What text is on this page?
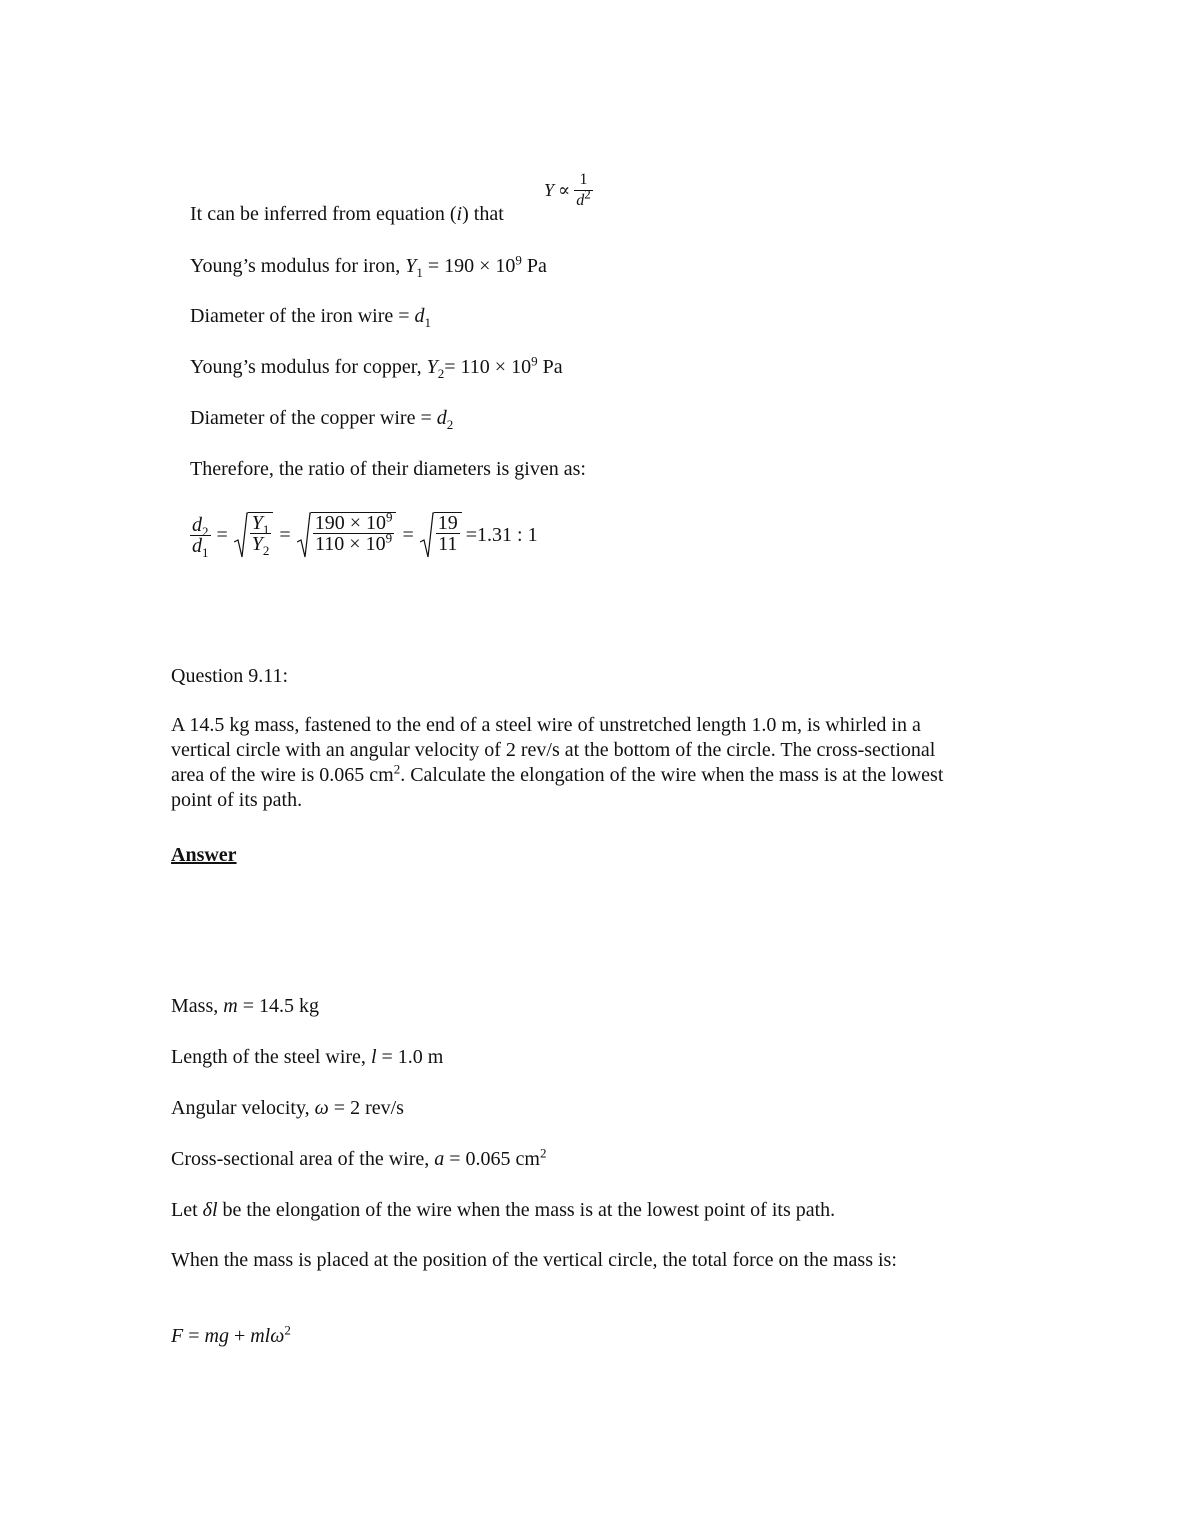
It can be inferred from equation (i) that
$Y \propto \frac{1}{d^2}$
Young’s modulus for iron, $Y_1 = 190 \times 10^9$ Pa
Diameter of the iron wire = $d_1$
Young’s modulus for copper, $Y_2= 110 \times 10^9$ Pa
Diameter of the copper wire = $d_2$
Therefore, the ratio of their diameters is given as:
$\frac{d_2}{d_1} = \frac{Y_1}{Y_2} = \frac{190 \times 10^9}{110 \times 10^9} = \frac{19}{11} =1.31$ : 1
Question 9.11:
A 14.5 kg mass, fastened to the end of a steel wire of unstretched length 1.0 m, is whirled in a vertical circle with an angular velocity of 2 rev/s at the bottom of the circle. The cross-sectional area of the wire is 0.065 $cm^2$. Calculate the elongation of the wire when the mass is at the lowest point of its path.
Answer
Mass, m = 14.5 kg
Length of the steel wire, l = 1.0 m
Angular velocity, ω = 2 rev/s
Cross-sectional area of the wire, a = 0.065 $cm^2$
Let δl be the elongation of the wire when the mass is at the lowest point of its path.
When the mass is placed at the position of the vertical circle, the total force on the mass is:
F = mg + mlω$^2$
